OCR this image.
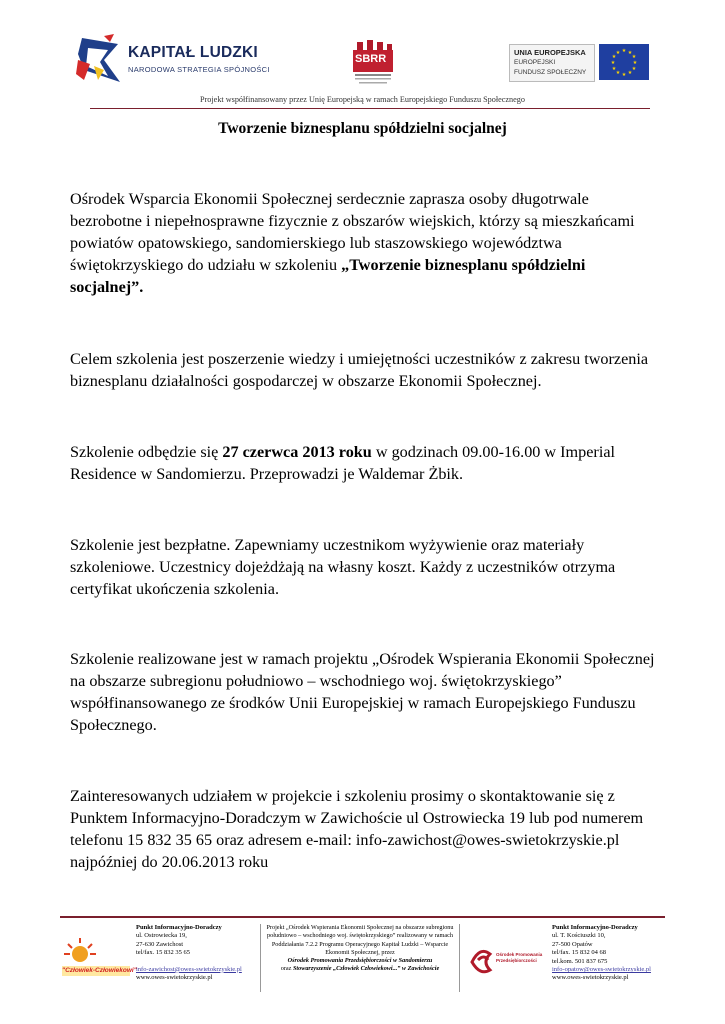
KAPITAŁ LUDZKI
NARODOWA STRATEGIA SPÓJNOŚCI
SBRR
UNIA EUROPEJSKA
EUROPEJSKI
FUNDUSZ SPOŁECZNY
★ ★
★
★
★
★
★
★
★
★
★
★
Projekt współfinansowany przez Unię Europejską w ramach Europejskiego Funduszu Społecznego
Tworzenie biznesplanu spółdzielni socjalnej

Ośrodek Wsparcia Ekonomii Społecznej serdecznie zaprasza osoby długotrwale bezrobotne i niepełnosprawne fizycznie z obszarów wiejskich, którzy są mieszkańcami powiatów opatowskiego, sandomierskiego lub staszowskiego województwa świętokrzyskiego do udziału w szkoleniu „Tworzenie biznesplanu spółdzielni socjalnej”.

Celem szkolenia jest poszerzenie wiedzy i umiejętności uczestników z zakresu tworzenia biznesplanu działalności gospodarczej w obszarze Ekonomii Społecznej.

Szkolenie odbędzie się 27 czerwca 2013 roku w godzinach 09.00-16.00 w Imperial Residence w Sandomierzu. Przeprowadzi je Waldemar Żbik.

Szkolenie jest bezpłatne. Zapewniamy uczestnikom wyżywienie oraz materiały szkoleniowe. Uczestnicy dojeżdżają na własny koszt. Każdy z uczestników otrzyma certyfikat ukończenia szkolenia.

Szkolenie realizowane jest w ramach projektu „Ośrodek Wspierania Ekonomii Społecznej na obszarze subregionu południowo – wschodniego woj. świętokrzyskiego” współfinansowanego ze środków Unii Europejskiej w ramach Europejskiego Funduszu Społecznego.

Zainteresowanych udziałem w projekcie i szkoleniu prosimy o skontaktowanie się z Punktem Informacyjno-Doradczym w Zawichoście ul Ostrowiecka 19 lub pod numerem telefonu 15 832 35 65 oraz adresem e-mail: info-zawichost@owes-swietokrzyskie.pl najpóźniej do 20.06.2013 roku

"Człowiek-Człowiekowi"
Punkt Informacyjno-Doradczy
ul. Ostrowiecka 19,
27-630 Zawichost
tel/fax. 15 832 35 65
info-zawichost@owes-swietokrzyskie.pl
www.owes-swietokrzyskie.pl
Projekt „Ośrodek Wspierania Ekonomii Społecznej na obszarze subregionu południowo – wschodniego woj. świętokrzyskiego” realizowany w ramach Poddziałania 7.2.2 Programu Operacyjnego Kapitał Ludzki – Wsparcie Ekonomii Społecznej, przez
Ośrodek Promowania Przedsiębiorczości w Sandomierzu
oraz Stowarzyszenie „Człowiek Człowiekowi...” w Zawichoście
Ośrodek Promowania Przedsiębiorczości
Punkt Informacyjno-Doradczy
ul. T. Kościuszki 10,
27-500 Opatów
tel/fax. 15 832 04 68
tel.kom. 501 837 675
info-opatow@owes-swietokrzyskie.pl
www.owes-swietokrzyskie.pl
